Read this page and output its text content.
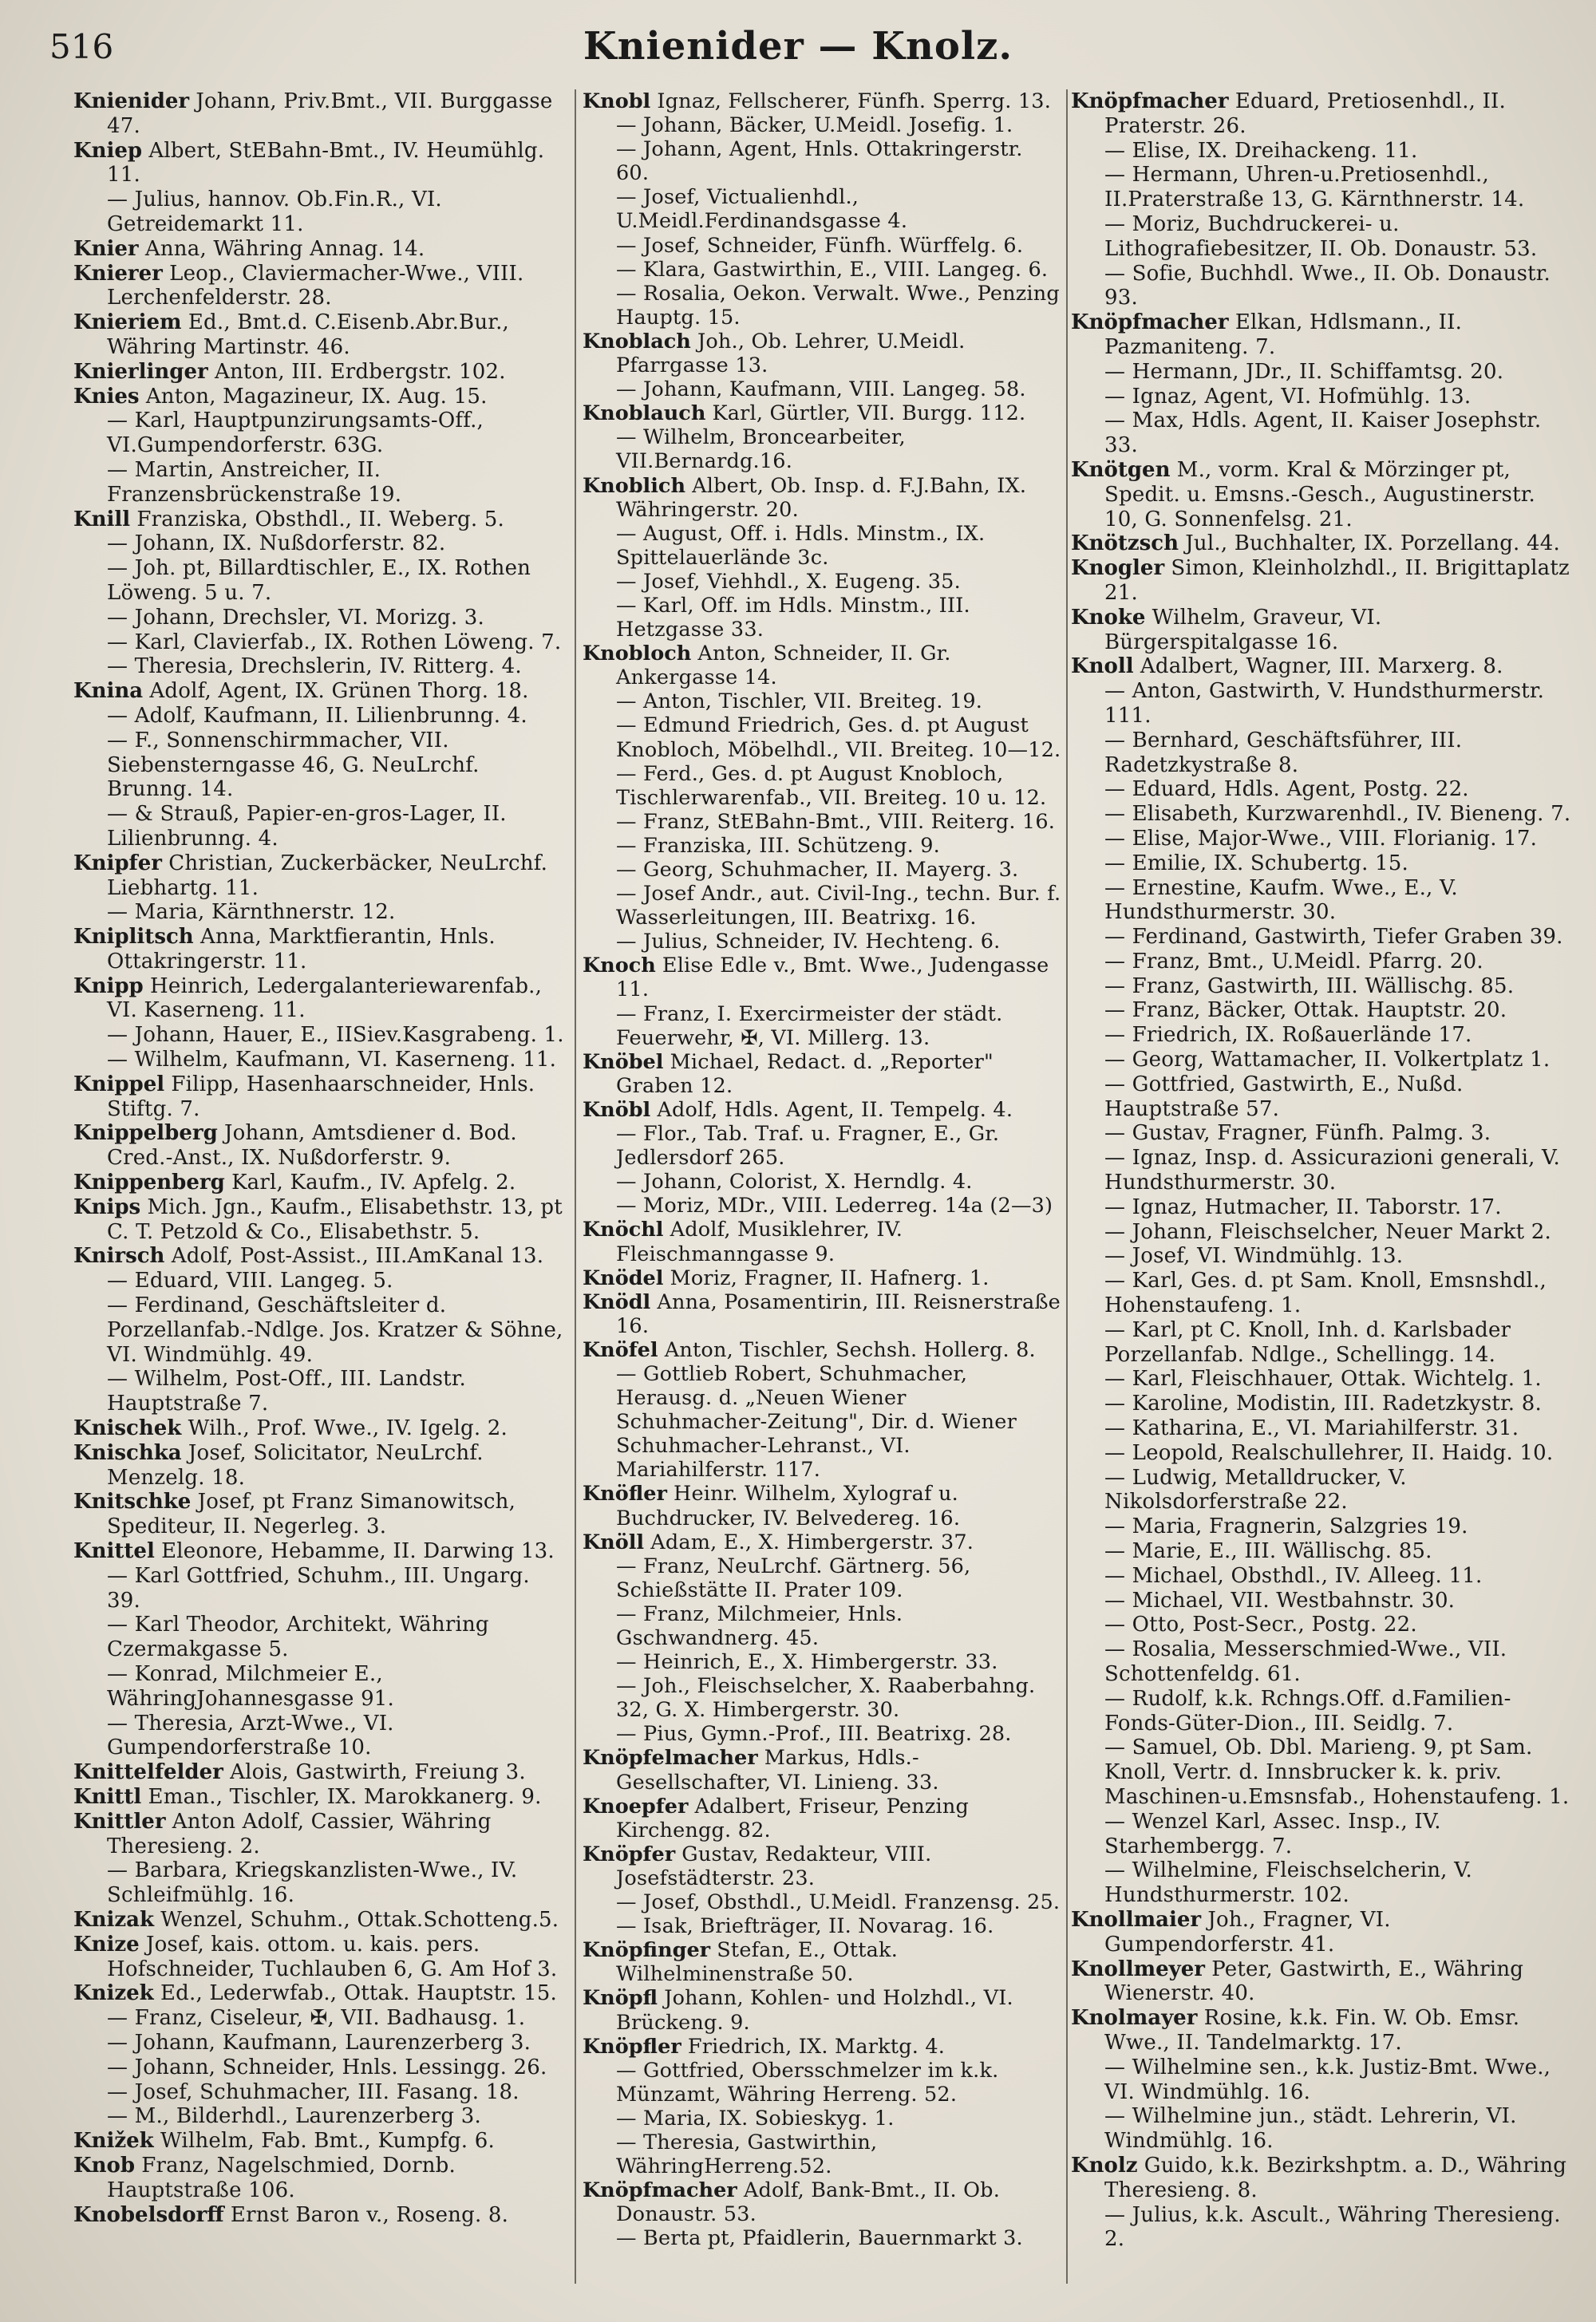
516	Knienider — Knolz.

Knienider Johann, Priv.Bmt., VII. Burggasse 47.

Kniep Albert, StEBahn-Bmt., IV. Heumühlg. 11.

— Julius, hannov. Ob.Fin.R., VI. Getreidemarkt 11.

Knier Anna, Währing Annag. 14.

Knierer Leop., Claviermacher-Wwe., VIII. Lerchenfelderstr. 28.

Knieriem Ed., Bmt.d. C.Eisenb.Abr.Bur., Währing Martinstr. 46.

Knierlinger Anton, III. Erdbergstr. 102.

Knies Anton, Magazineur, IX. Aug. 15.

— Karl, Hauptpunzirungsamts-Off., VI.Gumpendorferstr. 63G.

— Martin, Anstreicher, II. Franzensbrückenstraße 19.

Knill Franziska, Obsthdl., II. Weberg. 5.

— Johann, IX. Nußdorferstr. 82.

— Joh. pt, Billardtischler, E., IX. Rothen Löweng. 5 u. 7.

— Johann, Drechsler, VI. Morizg. 3.

— Karl, Clavierfab., IX. Rothen Löweng. 7.

— Theresia, Drechslerin, IV. Ritterg. 4.

Knina Adolf, Agent, IX. Grünen Thorg. 18.

— Adolf, Kaufmann, II. Lilienbrunng. 4.

— F., Sonnenschirmmacher, VII. Siebensterngasse 46, G. NeuLrchf. Brunng. 14.

— & Strauß, Papier-en-gros-Lager, II. Lilienbrunng. 4.

Knipfer Christian, Zuckerbäcker, NeuLrchf. Liebhartg. 11.

— Maria, Kärnthnerstr. 12.

Kniplitsch Anna, Marktfierantin, Hnls. Ottakringerstr. 11.

Knipp Heinrich, Ledergalanteriewarenfab., VI. Kaserneng. 11.

— Johann, Hauer, E., IISiev.Kasgrabeng. 1.

— Wilhelm, Kaufmann, VI. Kaserneng. 11.

Knippel Filipp, Hasenhaarschneider, Hnls. Stiftg. 7.

Knippelberg Johann, Amtsdiener d. Bod. Cred.-Anst., IX. Nußdorferstr. 9.

Knippenberg Karl, Kaufm., IV. Apfelg. 2.

Knips Mich. Jgn., Kaufm., Elisabethstr. 13, pt C. T. Petzold & Co., Elisabethstr. 5.

Knirsch Adolf, Post-Assist., III.AmKanal 13.

— Eduard, VIII. Langeg. 5.

— Ferdinand, Geschäftsleiter d. Porzellanfab.-Ndlge. Jos. Kratzer & Söhne, VI. Windmühlg. 49.

— Wilhelm, Post-Off., III. Landstr. Hauptstraße 7.

Knischek Wilh., Prof. Wwe., IV. Igelg. 2.

Knischka Josef, Solicitator, NeuLrchf. Menzelg. 18.

Knitschke Josef, pt Franz Simanowitsch, Spediteur, II. Negerleg. 3.

Knittel Eleonore, Hebamme, II. Darwing 13.

— Karl Gottfried, Schuhm., III. Ungarg. 39.

— Karl Theodor, Architekt, Währing Czermakgasse 5.

— Konrad, Milchmeier E., WähringJohannesgasse 91.

— Theresia, Arzt-Wwe., VI. Gumpendorferstraße 10.

Knittelfelder Alois, Gastwirth, Freiung 3.

Knittl Eman., Tischler, IX. Marokkanerg. 9.

Knittler Anton Adolf, Cassier, Währing Theresieng. 2.

— Barbara, Kriegskanzlisten-Wwe., IV. Schleifmühlg. 16.

Knizak Wenzel, Schuhm., Ottak.Schotteng.5.

Knize Josef, kais. ottom. u. kais. pers. Hofschneider, Tuchlauben 6, G. Am Hof 3.

Knizek Ed., Lederwfab., Ottak. Hauptstr. 15.

— Franz, Ciseleur, ✠, VII. Badhausg. 1.

— Johann, Kaufmann, Laurenzerberg 3.

— Johann, Schneider, Hnls. Lessingg. 26.

— Josef, Schuhmacher, III. Fasang. 18.

— M., Bilderhdl., Laurenzerberg 3.

Knižek Wilhelm, Fab. Bmt., Kumpfg. 6.

Knob Franz, Nagelschmied, Dornb. Hauptstraße 106.

Knobelsdorff Ernst Baron v., Roseng. 8.

Knobl Ignaz, Fellscherer, Fünfh. Sperrg. 13.

— Johann, Bäcker, U.Meidl. Josefig. 1.

— Johann, Agent, Hnls. Ottakringerstr. 60.

— Josef, Victualienhdl., U.Meidl.Ferdinandsgasse 4.

— Josef, Schneider, Fünfh. Würffelg. 6.

— Klara, Gastwirthin, E., VIII. Langeg. 6.

— Rosalia, Oekon. Verwalt. Wwe., Penzing Hauptg. 15.

Knoblach Joh., Ob. Lehrer, U.Meidl. Pfarrgasse 13.

— Johann, Kaufmann, VIII. Langeg. 58.

Knoblauch Karl, Gürtler, VII. Burgg. 112.

— Wilhelm, Broncearbeiter, VII.Bernardg.16.

Knoblich Albert, Ob. Insp. d. F.J.Bahn, IX. Währingerstr. 20.

— August, Off. i. Hdls. Minstm., IX. Spittelauerlände 3c.

— Josef, Viehhdl., X. Eugeng. 35.

— Karl, Off. im Hdls. Minstm., III. Hetzgasse 33.

Knobloch Anton, Schneider, II. Gr. Ankergasse 14.

— Anton, Tischler, VII. Breiteg. 19.

— Edmund Friedrich, Ges. d. pt August Knobloch, Möbelhdl., VII. Breiteg. 10—12.

— Ferd., Ges. d. pt August Knobloch, Tischlerwarenfab., VII. Breiteg. 10 u. 12.

— Franz, StEBahn-Bmt., VIII. Reiterg. 16.

— Franziska, III. Schützeng. 9.

— Georg, Schuhmacher, II. Mayerg. 3.

— Josef Andr., aut. Civil-Ing., techn. Bur. f. Wasserleitungen, III. Beatrixg. 16.

— Julius, Schneider, IV. Hechteng. 6.

Knoch Elise Edle v., Bmt. Wwe., Judengasse 11.

— Franz, I. Exercirmeister der städt. Feuerwehr, ✠, VI. Millerg. 13.

Knöbel Michael, Redact. d. „Reporter" Graben 12.

Knöbl Adolf, Hdls. Agent, II. Tempelg. 4.

— Flor., Tab. Traf. u. Fragner, E., Gr. Jedlersdorf 265.

— Johann, Colorist, X. Herndlg. 4.

— Moriz, MDr., VIII. Lederreg. 14a (2—3)

Knöchl Adolf, Musiklehrer, IV. Fleischmanngasse 9.

Knödel Moriz, Fragner, II. Hafnerg. 1.

Knödl Anna, Posamentirin, III. Reisnerstraße 16.

Knöfel Anton, Tischler, Sechsh. Hollerg. 8.

— Gottlieb Robert, Schuhmacher, Herausg. d. „Neuen Wiener Schuhmacher-Zeitung", Dir. d. Wiener Schuhmacher-Lehranst., VI. Mariahilferstr. 117.

Knöfler Heinr. Wilhelm, Xylograf u. Buchdrucker, IV. Belvedereg. 16.

Knöll Adam, E., X. Himbergerstr. 37.

— Franz, NeuLrchf. Gärtnerg. 56, Schießstätte II. Prater 109.

— Franz, Milchmeier, Hnls. Gschwandnerg. 45.

— Heinrich, E., X. Himbergerstr. 33.

— Joh., Fleischselcher, X. Raaberbahng. 32, G. X. Himbergerstr. 30.

— Pius, Gymn.-Prof., III. Beatrixg. 28.

Knöpfelmacher Markus, Hdls.-Gesellschafter, VI. Linieng. 33.

Knoepfer Adalbert, Friseur, Penzing Kirchengg. 82.

Knöpfer Gustav, Redakteur, VIII. Josefstädterstr. 23.

— Josef, Obsthdl., U.Meidl. Franzensg. 25.

— Isak, Briefträger, II. Novarag. 16.

Knöpfinger Stefan, E., Ottak. Wilhelminenstraße 50.

Knöpfl Johann, Kohlen- und Holzhdl., VI. Brückeng. 9.

Knöpfler Friedrich, IX. Marktg. 4.

— Gottfried, Obersschmelzer im k.k. Münzamt, Währing Herreng. 52.

— Maria, IX. Sobieskyg. 1.

— Theresia, Gastwirthin, WähringHerreng.52.

Knöpfmacher Adolf, Bank-Bmt., II. Ob. Donaustr. 53.

— Berta pt, Pfaidlerin, Bauernmarkt 3.

Knöpfmacher Eduard, Pretiosenhdl., II. Praterstr. 26.

— Elise, IX. Dreihackeng. 11.

— Hermann, Uhren-u.Pretiosenhdl., II.Praterstraße 13, G. Kärnthnerstr. 14.

— Moriz, Buchdruckerei- u. Lithografiebesitzer, II. Ob. Donaustr. 53.

— Sofie, Buchhdl. Wwe., II. Ob. Donaustr. 93.

Knöpfmacher Elkan, Hdlsmann., II. Pazmaniteng. 7.

— Hermann, JDr., II. Schiffamtsg. 20.

— Ignaz, Agent, VI. Hofmühlg. 13.

— Max, Hdls. Agent, II. Kaiser Josephstr. 33.

Knötgen M., vorm. Kral & Mörzinger pt, Spedit. u. Emsns.-Gesch., Augustinerstr. 10, G. Sonnenfelsg. 21.

Knötzsch Jul., Buchhalter, IX. Porzellang. 44.

Knogler Simon, Kleinholzhdl., II. Brigittaplatz 21.

Knoke Wilhelm, Graveur, VI. Bürgerspitalgasse 16.

Knoll Adalbert, Wagner, III. Marxerg. 8.

— Anton, Gastwirth, V. Hundsthurmerstr. 111.

— Bernhard, Geschäftsführer, III. Radetzkystraße 8.

— Eduard, Hdls. Agent, Postg. 22.

— Elisabeth, Kurzwarenhdl., IV. Bieneng. 7.

— Elise, Major-Wwe., VIII. Florianig. 17.

— Emilie, IX. Schubertg. 15.

— Ernestine, Kaufm. Wwe., E., V. Hundsthurmerstr. 30.

— Ferdinand, Gastwirth, Tiefer Graben 39.

— Franz, Bmt., U.Meidl. Pfarrg. 20.

— Franz, Gastwirth, III. Wällischg. 85.

— Franz, Bäcker, Ottak. Hauptstr. 20.

— Friedrich, IX. Roßauerlände 17.

— Georg, Wattamacher, II. Volkertplatz 1.

— Gottfried, Gastwirth, E., Nußd. Hauptstraße 57.

— Gustav, Fragner, Fünfh. Palmg. 3.

— Ignaz, Insp. d. Assicurazioni generali, V. Hundsthurmerstr. 30.

— Ignaz, Hutmacher, II. Taborstr. 17.

— Johann, Fleischselcher, Neuer Markt 2.

— Josef, VI. Windmühlg. 13.

— Karl, Ges. d. pt Sam. Knoll, Emsnshdl., Hohenstaufeng. 1.

— Karl, pt C. Knoll, Inh. d. Karlsbader Porzellanfab. Ndlge., Schellingg. 14.

— Karl, Fleischhauer, Ottak. Wichtelg. 1.

— Karoline, Modistin, III. Radetzkystr. 8.

— Katharina, E., VI. Mariahilferstr. 31.

— Leopold, Realschullehrer, II. Haidg. 10.

— Ludwig, Metalldrucker, V. Nikolsdorferstraße 22.

— Maria, Fragnerin, Salzgries 19.

— Marie, E., III. Wällischg. 85.

— Michael, Obsthdl., IV. Alleeg. 11.

— Michael, VII. Westbahnstr. 30.

— Otto, Post-Secr., Postg. 22.

— Rosalia, Messerschmied-Wwe., VII. Schottenfeldg. 61.

— Rudolf, k.k. Rchngs.Off. d.Familien-Fonds-Güter-Dion., III. Seidlg. 7.

— Samuel, Ob. Dbl. Marieng. 9, pt Sam. Knoll, Vertr. d. Innsbrucker k. k. priv. Maschinen-u.Emsnsfab., Hohenstaufeng. 1.

— Wenzel Karl, Assec. Insp., IV. Starhembergg. 7.

— Wilhelmine, Fleischselcherin, V. Hundsthurmerstr. 102.

Knollmaier Joh., Fragner, VI. Gumpendorferstr. 41.

Knollmeyer Peter, Gastwirth, E., Währing Wienerstr. 40.

Knolmayer Rosine, k.k. Fin. W. Ob. Emsr. Wwe., II. Tandelmarktg. 17.

— Wilhelmine sen., k.k. Justiz-Bmt. Wwe., VI. Windmühlg. 16.

— Wilhelmine jun., städt. Lehrerin, VI. Windmühlg. 16.

Knolz Guido, k.k. Bezirkshptm. a. D., Währing Theresieng. 8.

— Julius, k.k. Ascult., Währing Theresieng. 2.
